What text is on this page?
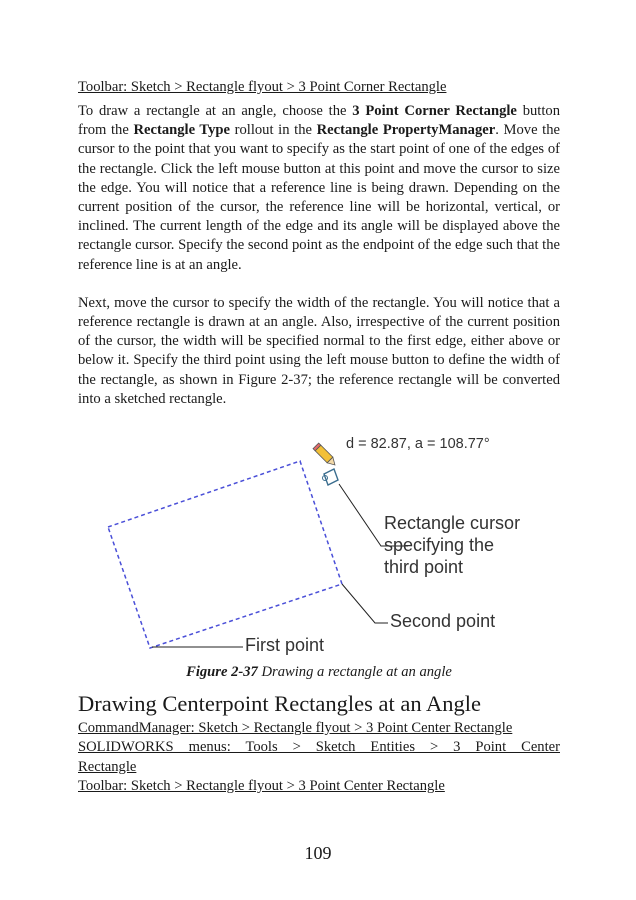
Toolbar: Sketch > Rectangle flyout > 3 Point Corner Rectangle

To draw a rectangle at an angle, choose the 3 Point Corner Rectangle button from the Rectangle Type rollout in the Rectangle PropertyManager. Move the cursor to the point that you want to specify as the start point of one of the edges of the rectangle. Click the left mouse button at this point and move the cursor to size the edge. You will notice that a reference line is being drawn. Depending on the current position of the cursor, the reference line will be horizontal, vertical, or inclined. The current length of the edge and its angle will be displayed above the rectangle cursor. Specify the second point as the endpoint of the edge such that the reference line is at an angle.

Next, move the cursor to specify the width of the rectangle. You will notice that a reference rectangle is drawn at an angle. Also, irrespective of the current position of the cursor, the width will be specified normal to the first edge, either above or below it. Specify the third point using the left mouse button to define the width of the rectangle, as shown in Figure 2-37; the reference rectangle will be converted into a sketched rectangle.

d = 82.87, a = 108.77°
Rectangle cursor
specifying the
third point
Second point
First point
Figure 2-37 Drawing a rectangle at an angle
Drawing Centerpoint Rectangles at an Angle
CommandManager: Sketch > Rectangle flyout > 3 Point Center Rectangle
SOLIDWORKS menus: Tools > Sketch Entities > 3 Point Center
Rectangle
Toolbar: Sketch > Rectangle flyout > 3 Point Center Rectangle
109
